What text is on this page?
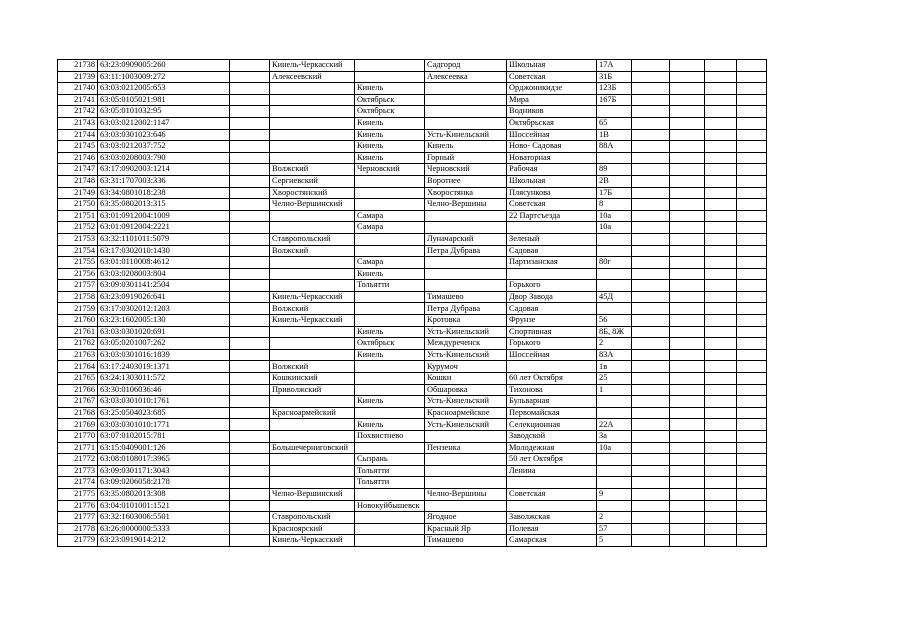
21738	63:23:0909005:260		Кинель-Черкасский		Садгород	Школьная	17А				
21739	63:11:1003009:272		Алексеевский		Алексеевка	Советская	31Б				
21740	63:03:0212005:653			Кинель		Орджоникидзе	123Б				
21741	63:05:0105021:981			Октябрьск		Мира	167Б				
21742	63:05:0101032:95			Октябрьск		Водников					
21743	63:03:0212002:1147			Кинель		Октябрьская	65				
21744	63:03:0301023:646			Кинель	Усть-Кинельский	Шоссейная	1В				
21745	63:03:0212037:752			Кинель	Кинель	Ново- Садовая	88А				
21746	63:03:0208003:790			Кинель	Горный	Новаторная					
21747	63:17:0902003:1214		Волжский	Черновский	Черновский	Рабочая	89				
21748	63:31:1707003:336		Сергиевский		Воротнее	Школьная	2В				
21749	63:34:0801018:238		Хворостянский		Хворостянка	Плясункова	17Б				
21750	63:35:0802013:315		Челно-Вершинский		Челно-Вершины	Советская	8				
21751	63:01:0912004:1009			Самара		22 Партсъезда	10а				
21752	63:01:0912004:2221			Самара			10а				
21753	63:32:1101011:5079		Ставропольский		Луначарский	Зеленый					
21754	63:17:0302010:1430		Волжский		Петра Дубрава	Садовая					
21755	63:01:0110008:4612			Самара		Партизанская	80г				
21756	63:03:0208003:804			Кинель							
21757	63:09:0301141:2504			Тольятти		Горького					
21758	63:23:0919026:641		Кинель-Черкасский		Тимашево	Двор Завода	45Д				
21759	63:17:0302012:1203		Волжский		Петра Дубрава	Садовая					
21760	63:23:1602005:130		Кинель-Черкасский		Кротовка	Фрунзе	56				
21761	63:03:0301020:691			Кинель	Усть-Кинельский	Спортивная	8Б, 8Ж				
21762	63:05:0201007:262			Октябрьск	Междуреченск	Горького	2				
21763	63:03:0301016:1839			Кинель	Усть-Кинельский	Шоссейная	83А				
21764	63:17:2403019:1371		Волжский		Курумоч		1в				
21765	63:24:1303011:572		Кошкинский		Кошки	60 лет Октября	25				
21766	63:30:0106036:46		Приволжский		Обшаровка	Тихонова	1				
21767	63:03:0301010:1761			Кинель	Усть-Кинельский	Бульварная					
21768	63:25:0504023:685		Красноармейский		Красноармейское	Первомайская					
21769	63:03:0301010:1771			Кинель	Усть-Кинельский	Селекционная	22А				
21770	63:07:0102015:781			Похвистнево		Заводской	3а				
21771	63:15:0409001:126		Большечерниговский		Пензенка	Молодежная	10а				
21772	63:08:0108017:3965			Сызрань		50 лет Октября					
21773	63:09:0301171:3043			Тольятти		Ленина					
21774	63:09:0206058:2178			Тольятти							
21775	63:35:0802013:308		Челно-Вершинский		Челно-Вершины	Советская	9				
21776	63:04:0101001:1521			Новокуйбышевск							
21777	63:32:1603006:5501		Ставропольский		Ягодное	Заволжская	2				
21778	63:26:0000000:5333		Красноярский		Красный Яр	Полевая	57				
21779	63:23:0919014:212		Кинель-Черкасский		Тимашево	Самарская	5				
